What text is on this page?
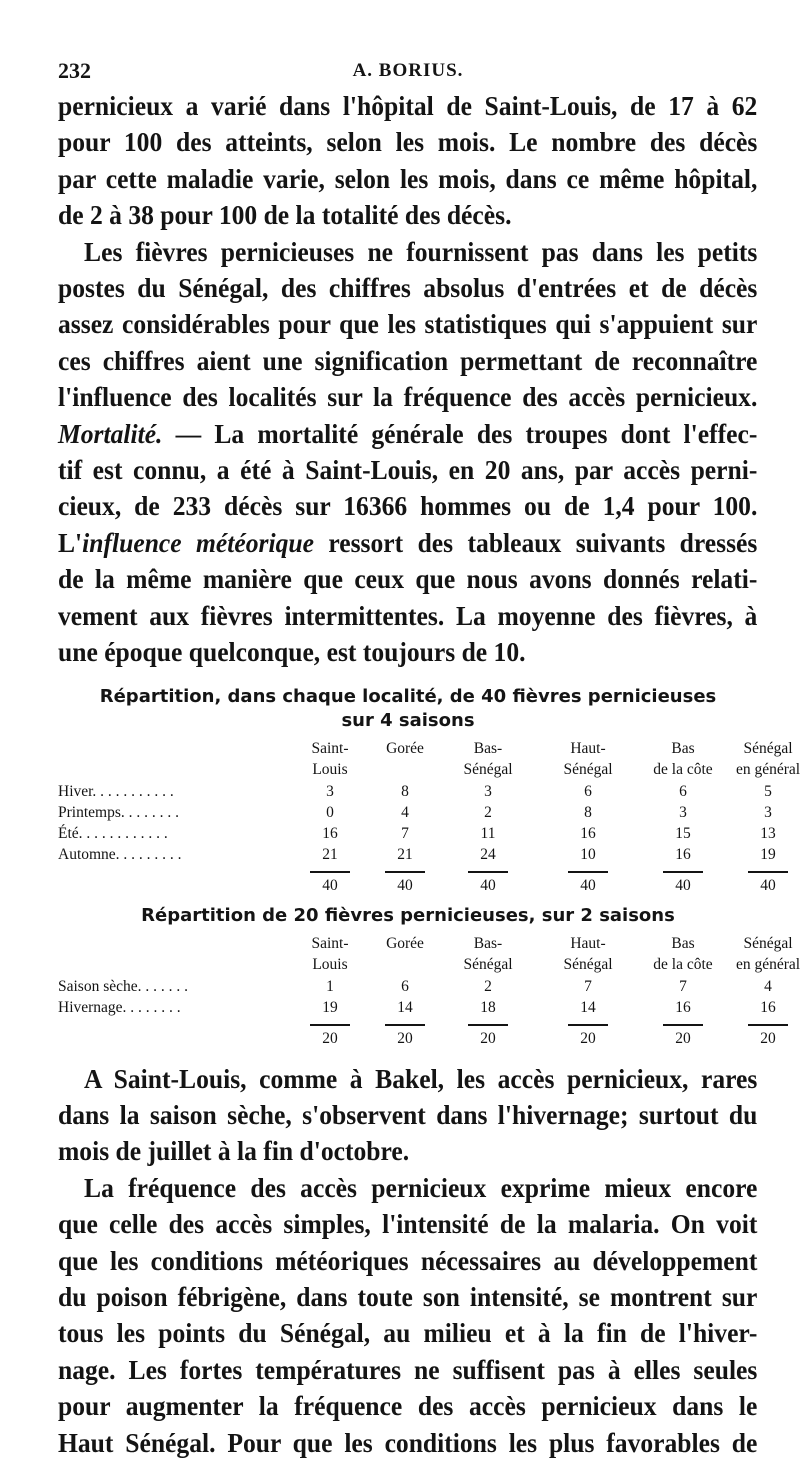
232	A. BORIUS.
pernicieux a varié dans l'hôpital de Saint-Louis, de 17 à 62
pour 100 des atteints, selon les mois. Le nombre des décès
par cette maladie varie, selon les mois, dans ce même hôpital,
de 2 à 38 pour 100 de la totalité des décès.
Les fièvres pernicieuses ne fournissent pas dans les petits
postes du Sénégal, des chiffres absolus d'entrées et de décès
assez considérables pour que les statistiques qui s'appuient sur
ces chiffres aient une signification permettant de reconnaître
l'influence des localités sur la fréquence des accès pernicieux.
Mortalité. — La mortalité générale des troupes dont l'effec-
tif est connu, a été à Saint-Louis, en 20 ans, par accès perni-
cieux, de 233 décès sur 16366 hommes ou de 1,4 pour 100.
L'influence météorique ressort des tableaux suivants dressés
de la même manière que ceux que nous avons donnés relati-
vement aux fièvres intermittentes. La moyenne des fièvres, à
une époque quelconque, est toujours de 10.

Répartition, dans chaque localité, de 40 fièvres pernicieuses

sur 4 saisons

Saint-	Gorée	Bas-	Haut-	Bas	Sénégal
Louis	Sénégal	Sénégal	de la côte	en général
Hiver. . . . . . . . . . .	3	8	3	6	6	5
Printemps. . . . . . . .	0	4	2	8	3	3
Été. . . . . . . . . . . .	16	7	11	16	15	13
Automne. . . . . . . . .	21	21	24	10	16	19
40	40	40	40	40	40

Répartition de 20 fièvres pernicieuses, sur 2 saisons

Saint-	Gorée	Bas-	Haut-	Bas	Sénégal
Louis	Sénégal	Sénégal	de la côte	en général
Saison sèche. . . . . . .	1	6	2	7	7	4
Hivernage. . . . . . . .	19	14	18	14	16	16
20	20	20	20	20	20
A Saint-Louis, comme à Bakel, les accès pernicieux, rares
dans la saison sèche, s'observent dans l'hivernage; surtout du
mois de juillet à la fin d'octobre.
La fréquence des accès pernicieux exprime mieux encore
que celle des accès simples, l'intensité de la malaria. On voit
que les conditions météoriques nécessaires au développement
du poison fébrigène, dans toute son intensité, se montrent sur
tous les points du Sénégal, au milieu et à la fin de l'hiver-
nage. Les fortes températures ne suffisent pas à elles seules
pour augmenter la fréquence des accès pernicieux dans le
Haut Sénégal. Pour que les conditions les plus favorables de
